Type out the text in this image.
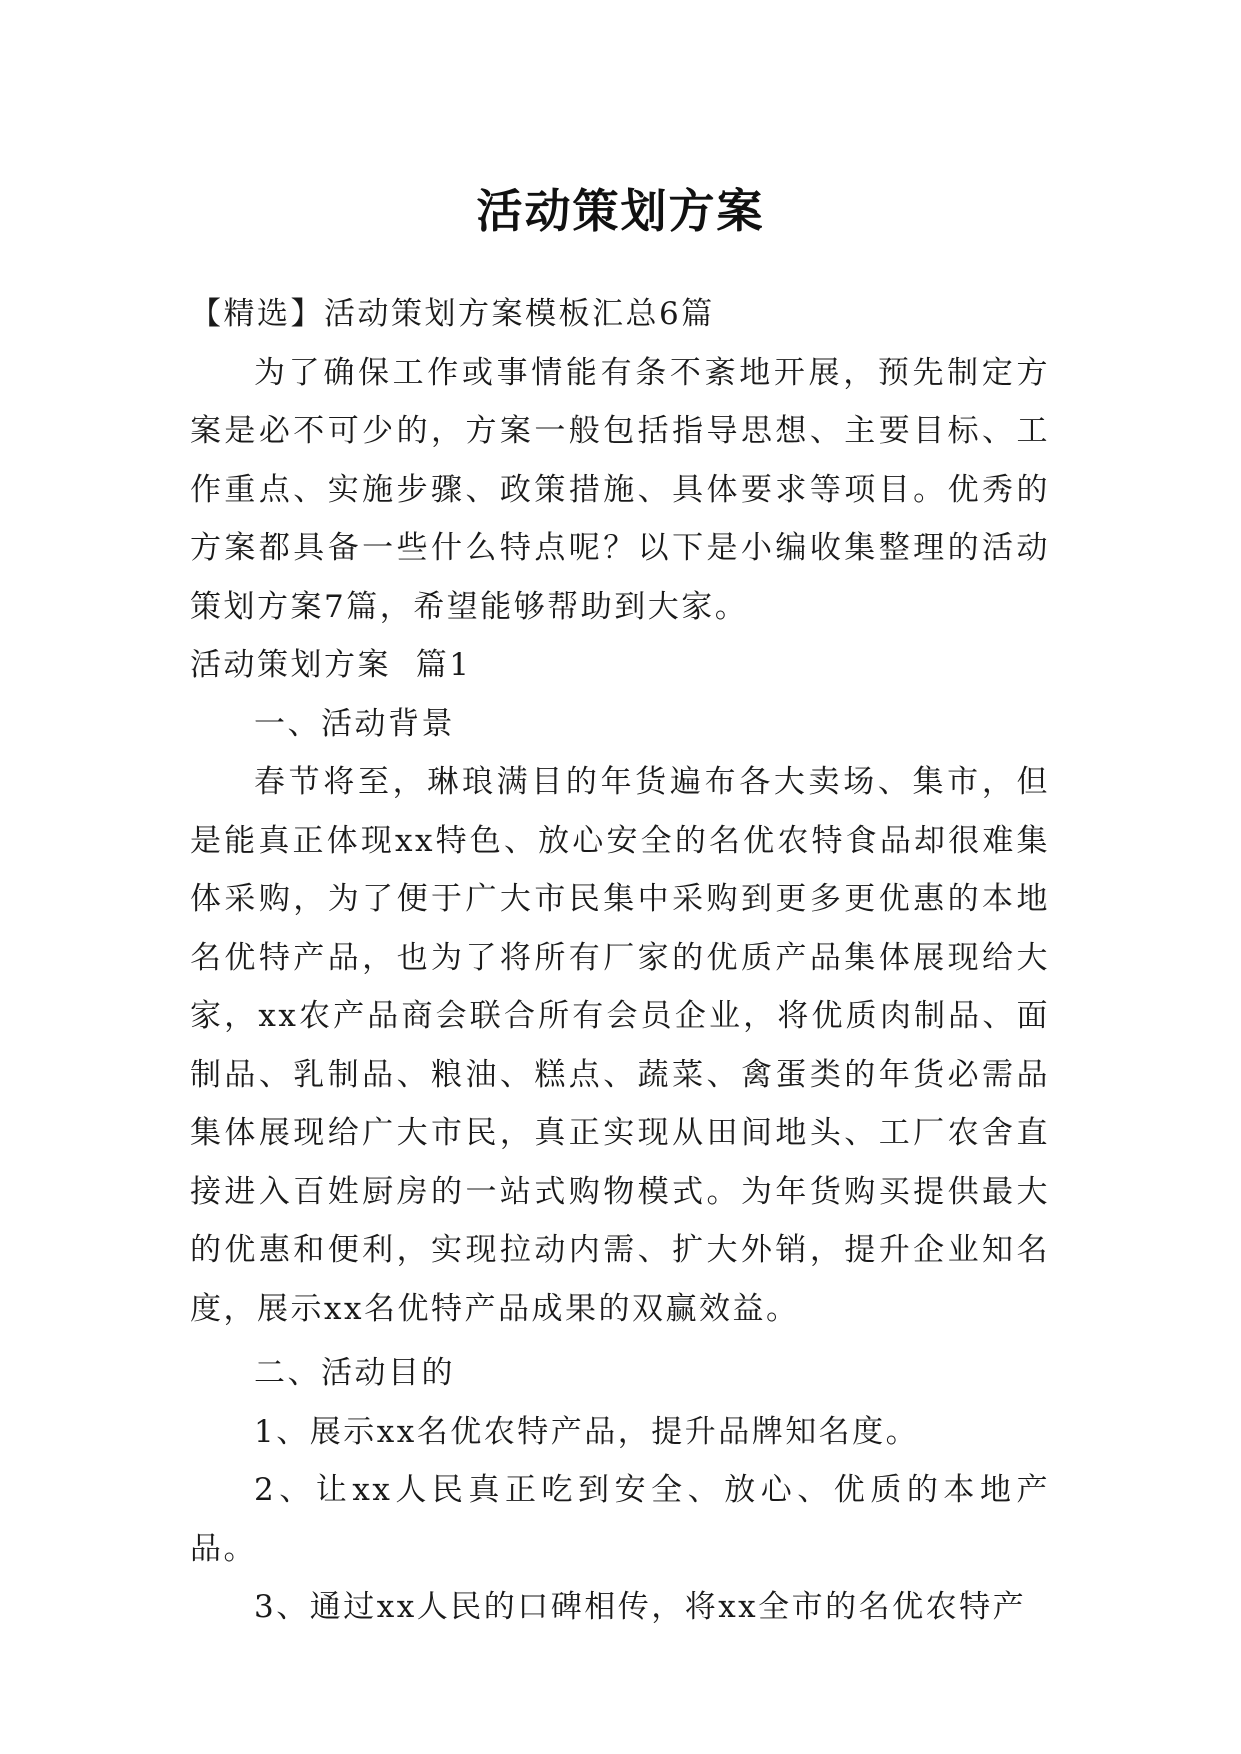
活动策划方案

【精选】活动策划方案模板汇总6篇

为了确保工作或事情能有条不紊地开展，预先制定方案是必不可少的，方案一般包括指导思想、主要目标、工作重点、实施步骤、政策措施、具体要求等项目。优秀的方案都具备一些什么特点呢？以下是小编收集整理的活动策划方案7篇，希望能够帮助到大家。

活动策划方案  篇1

一、活动背景

春节将至，琳琅满目的年货遍布各大卖场、集市，但是能真正体现xx特色、放心安全的名优农特食品却很难集体采购，为了便于广大市民集中采购到更多更优惠的本地名优特产品，也为了将所有厂家的优质产品集体展现给大家，xx农产品商会联合所有会员企业，将优质肉制品、面制品、乳制品、粮油、糕点、蔬菜、禽蛋类的年货必需品集体展现给广大市民，真正实现从田间地头、工厂农舍直接进入百姓厨房的一站式购物模式。为年货购买提供最大的优惠和便利，实现拉动内需、扩大外销，提升企业知名度，展示xx名优特产品成果的双赢效益。

二、活动目的

1、展示xx名优农特产品，提升品牌知名度。

2、让xx人民真正吃到安全、放心、优质的本地产品。

3、通过xx人民的口碑相传，将xx全市的名优农特产
